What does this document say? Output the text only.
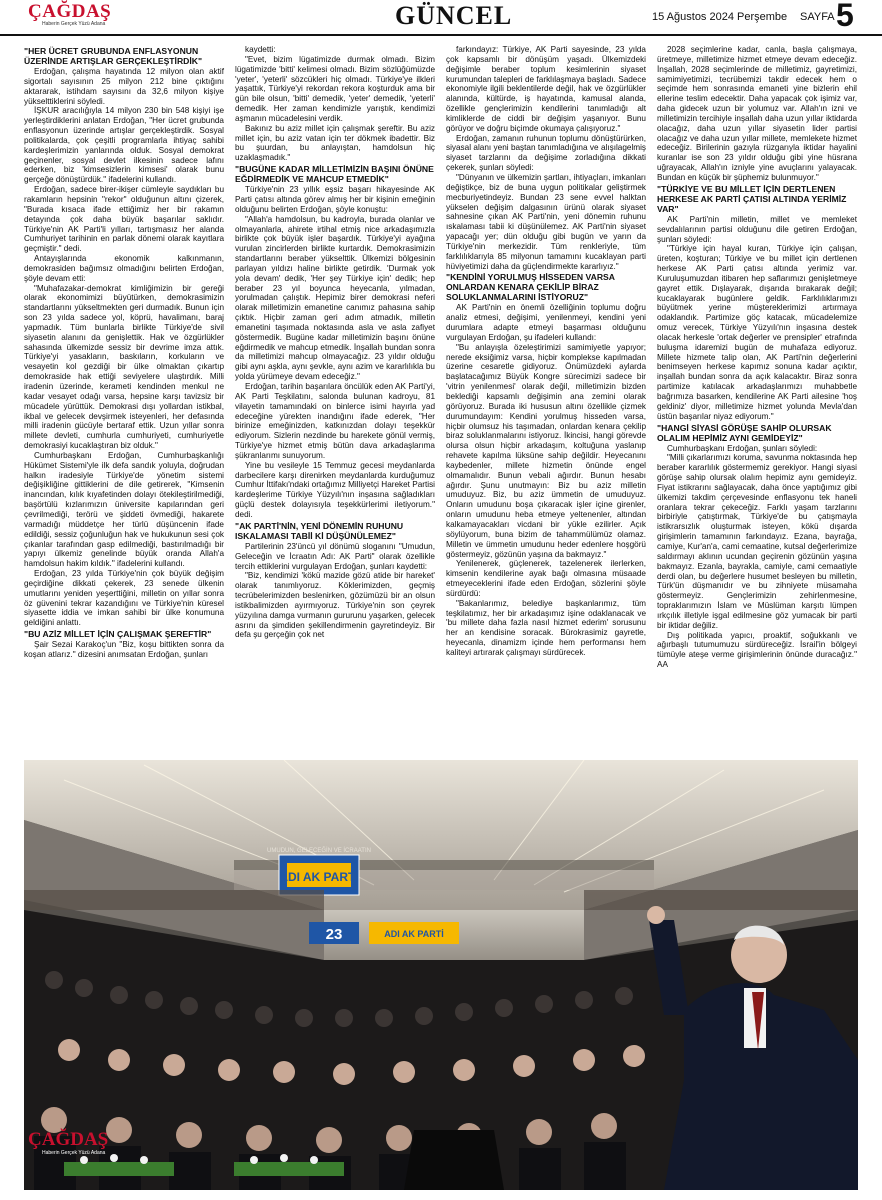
ÇAĞDAŞ
Haberin Gerçek Yüzü Adana	GÜNCEL	15 Ağustos 2024 Perşembe SAYFA 5
"HER ÜCRET GRUBUNDA ENFLASYONUN ÜZERİNDE ARTIŞLAR GERÇEKLEŞTİRDİK"

Erdoğan, çalışma hayatında 12 milyon olan aktif sigortalı sayısının 25 milyon 212 bine çıktığını aktararak, istihdam sayısını da 32,6 milyon kişiye yükselttiklerini söyledi.

İŞKUR aracılığıyla 14 milyon 230 bin 548 kişiyi işe yerleştirdiklerini anlatan Erdoğan, "Her ücret grubunda enflasyonun üzerinde artışlar gerçekleştirdik. Sosyal politikalarda, çok çeşitli programlarla ihtiyaç sahibi kardeşlerimizin yanlarında olduk. Sosyal demokrat geçinenler, sosyal devlet ilkesinin sadece lafını ederken, biz 'kimsesizlerin kimsesi' olarak bunu gerçeğe dönüştürdük." ifadelerini kullandı.

Erdoğan, sadece birer-ikişer cümleyle saydıkları bu rakamların hepsinin "rekor" olduğunun altını çizerek, "Burada kısaca ifade ettiğimiz her bir rakamın detayında çok daha büyük başarılar saklıdır. Türkiye'nin AK Parti'li yılları, tartışmasız her alanda Cumhuriyet tarihinin en parlak dönemi olarak kayıtlara geçmiştir." dedi.

Antayışlarında ekonomik kalkınmanın, demokrasiden bağımsız olmadığını belirten Erdoğan, şöyle devam etti:

"Muhafazakar-demokrat kimliğimizin bir gereği olarak ekonomimizi büyütürken, demokrasimizin standartlarını yükseltmekten geri durmadık. Bunun için son 23 yılda sadece yol, köprü, havalimanı, baraj yapmadık. Tüm bunlarla birlikte Türkiye'de sivil siyasetin alanını da genişlettik. Hak ve özgürlükler sahasında ülkemizde sessiz bir devrime imza attık. Türkiye'yi yasakların, baskıların, korkuların ve vesayetin kol gezdiği bir ülke olmaktan çıkartıp demokraside hak ettiği seviyelere ulaştırdık. Milli iradenin üzerinde, kerameti kendinden menkul ne kadar vesayet odağı varsa, hepsine karşı tavizsiz bir mücadele yürüttük. Demokrasi dışı yollardan istikbal, ikbal ve gelecek devşirmek isteyenleri, her defasında milli iradenin gücüyle bertaraf ettik. Uzun yıllar sonra millete devleti, cumhurla cumhuriyeti, cumhuriyetle demokrasiyi kucaklaştıran biz olduk."

Cumhurbaşkanı Erdoğan, Cumhurbaşkanlığı Hükümet Sistemi'yle ilk defa sandık yoluyla, doğrudan halkın iradesiyle Türkiye'de yönetim sistemi değişikliğine gittiklerini de dile getirerek, "Kimsenin inancından, kılık kıyafetinden dolayı ötekileştirilmediği, başörtülü kızlarımızın üniversite kapılarından geri çevrilmediği, terörü ve şiddeti övmediği, hakarete varmadığı müddetçe her türlü düşüncenin ifade edildiği, sessiz çoğunluğun hak ve hukukunun sesi çok çıkanlar tarafından gasp edilmediği, bastırılmadığı bir yapıyı ülkemiz genelinde büyük oranda Allah'a hamdolsun hakim kıldık." ifadelerini kullandı.

Erdoğan, 23 yılda Türkiye'nin çok büyük değişim geçirdiğine dikkati çekerek, 23 senede ülkenin umutlarını yeniden yeşerttiğini, milletin on yıllar sonra öz güvenini tekrar kazandığını ve Türkiye'nin küresel siyasette iddia ve imkan sahibi bir ülke konumuna geldiğini anlattı.

"BU AZİZ MİLLET İÇİN ÇALIŞMAK ŞEREFTİR"

Şair Sezai Karakoç'un "Biz, koşu bittikten sonra da koşan atlarız." dizesini anımsatan Erdoğan, şunları

kaydetti:

"Evet, bizim lügatimizde durmak olmadı. Bizim lügatimizde 'bitti' kelimesi olmadı. Bizim sözlüğümüzde 'yeter', 'yeterli' sözcükleri hiç olmadı. Türkiye'ye ilkleri yaşattık, Türkiye'yi rekordan rekora koşturduk ama bir gün bile olsun, 'bitti' demedik, 'yeter' demedik, 'yeterli' demedik. Her zaman kendimizle yarıştık, kendimizi aşmanın mücadelesini verdik.

Bakınız bu aziz millet için çalışmak şereftir. Bu aziz millet için, bu aziz vatan için ter dökmek ibadettir. Biz bu şuurdan, bu anlayıştan, hamdolsun hiç uzaklaşmadık."

"BUGÜNE KADAR MİLLETİMİZİN BAŞINI ÖNÜNE EĞDİRMEDİK VE MAHCUP ETMEDİK"

Türkiye'nin 23 yıllık eşsiz başarı hikayesinde AK Parti çatısı altında görev almış her bir kişinin emeğinin olduğunu belirten Erdoğan, şöyle konuştu:

"Allah'a hamdolsun, bu kadroyla, burada olanlar ve olmayanlarla, ahirete irtihal etmiş nice arkadaşımızla birlikte çok büyük işler başardık. Türkiye'yi ayağına vurulan zincirlerden birlikte kurtardık. Demokrasimizin standartlarını beraber yükselttik. Ülkemizi bölgesinin parlayan yıldızı haline birlikte getirdik. 'Durmak yok yola devam' dedik, 'Her şey Türkiye için' dedik; hep beraber 23 yıl boyunca heyecanla, yılmadan, yorulmadan çalıştık. Hepimiz birer demokrasi neferi olarak milletimizin emanetine canımız pahasına sahip çıktık. Hiçbir zaman geri adım atmadık, milletin emanetini taşımada noktasında asla ve asla zafiyet göstermedik. Bugüne kadar milletimizin başını önüne eğdirmedik ve mahcup etmedik. İnşallah bundan sonra da milletimizi mahcup olmayacağız. 23 yıldır olduğu gibi aynı aşkla, aynı şevkle, aynı azim ve kararlılıkla bu yolda yürümeye devam edeceğiz."

Erdoğan, tarihin başarılara öncülük eden AK Parti'yi, AK Parti Teşkilatını, salonda bulunan kadroyu, 81 vilayetin tamamındaki on binlerce isimi hayırla yad edeceğine yürekten inandığını ifade ederek, "Her birinize emeğinizden, katkınızdan dolayı teşekkür ediyorum. Sizlerin nezdinde bu harekete gönül vermiş, Türkiye'ye hizmet etmiş bütün dava arkadaşlarıma şükranlarımı sunuyorum.

Yine bu vesileyle 15 Temmuz gecesi meydanlarda darbecilere karşı direnirken meydanlarda kurduğumuz Cumhur İttifakı'ndaki ortağımız Milliyetçi Hareket Partisi kardeşlerime Türkiye Yüzyılı'nın inşasına sağladıkları güçlü destek dolayısıyla teşekkürlerimi iletiyorum." dedi.

"AK PARTİ'NİN, YENİ DÖNEMİN RUHUNU ISKALAMASI TABİİ Kİ DÜŞÜNÜLEMEZ"

Partilerinin 23'üncü yıl dönümü sloganını "Umudun, Geleceğin ve İcraatın Adı: AK Parti" olarak özellikle tercih ettiklerini vurgulayan Erdoğan, şunları kaydetti:

"Biz, kendimizi 'kökü mazide gözü atide bir hareket' olarak tanımlıyoruz. Köklerimizden, geçmiş tecrübelerimizden beslenirken, gözümüzü bir an olsun istikbalimizden ayırmıyoruz. Türkiye'nin son çeyrek yüzyılına damga vurmanın gururunu yaşarken, gelecek asrını da şimdiden şekillendirmenin gayretindeyiz. Bir defa şu gerçeğin çok net

farkındayız: Türkiye, AK Parti sayesinde, 23 yılda çok kapsamlı bir dönüşüm yaşadı. Ülkemizdeki değişimle beraber toplum kesimlerinin siyaset kurumundan talepleri de farklılaşmaya başladı. Sadece ekonomiyle ilgili beklentilerde değil, hak ve özgürlükler alanında, kültürde, iş hayatında, kamusal alanda, özellikle gençlerimizin kendilerini tanımladığı alt kimliklerde de ciddi bir değişim yaşanıyor. Bunu görüyor ve doğru biçimde okumaya çalışıyoruz."

Erdoğan, zamanın ruhunun toplumu dönüştürürken, siyasal alanı yeni baştan tanımladığına ve alışılagelmiş siyaset tarzlarını da değişime zorladığına dikkati çekerek, şunları söyledi:

"Dünyanın ve ülkemizin şartları, ihtiyaçları, imkanları değiştikçe, biz de buna uygun politikalar geliştirmek mecburiyetindeyiz. Bundan 23 sene evvel halktan yükselen değişim dalgasının ürünü olarak siyaset sahnesine çıkan AK Parti'nin, yeni dönemin ruhunu ıskalaması tabii ki düşünülemez. AK Parti'nin siyaset yapacağı yer; dün olduğu gibi bugün ve yarın da Türkiye'nin merkezidir. Tüm renkleriyle, tüm farklılıklarıyla 85 milyonun tamamını kucaklayan parti hüviyetimizi daha da güçlendirmekte kararlıyız."

"KENDİNİ YORULMUŞ HİSSEDEN VARSA ONLARDAN KENARA ÇEKİLİP BİRAZ SOLUKLANMALARINI İSTİYORUZ"

AK Parti'nin en önemli özelliğinin toplumu doğru analiz etmesi, değişimi, yenilenmeyi, kendini yeni durumlara adapte etmeyi başarması olduğunu vurgulayan Erdoğan, şu ifadeleri kullandı:

"Bu anlayışla özeleştirimizi samimiyetle yapıyor; nerede eksiğimiz varsa, hiçbir komplekse kapılmadan üzerine cesaretle gidiyoruz. Önümüzdeki aylarda başlatacağımız Büyük Kongre sürecimizi sadece bir 'vitrin yenilenmesi' olarak değil, milletimizin bizden beklediği kapsamlı değişimin ana zemini olarak görüyoruz. Burada iki hususun altını özellikle çizmek durumundayım: Kendini yorulmuş hisseden varsa, hiçbir olumsuz his taşımadan, onlardan kenara çekilip biraz soluklanmalarını istiyoruz. İkincisi, hangi görevde olursa olsun hiçbir arkadaşım, koltuğuna yaslanıp rehavete kapılma lüksüne sahip değildir. Heyecanını kaybedenler, millete hizmetin önünde engel olmamalıdır. Bunun vebali ağırdır. Bunun hesabı ağırdır. Şunu unutmayın: Biz bu aziz milletin umuduyuz. Biz, bu aziz ümmetin de umuduyuz. Onların umudunu boşa çıkaracak işler içine girenler, onların umudunu heba etmeye yeltenenler, altından kalkamayacakları vicdani bir yükle ezilirler. Açık söylüyorum, buna bizim de tahammülümüz olamaz. Milletin ve ümmetin umudunu heder edenlere hoşgörü göstermeyiz, gözünün yaşına da bakmayız."

Yenilenerek, güçlenerek, tazelenerek ilerlerken, kimsenin kendilerine ayak bağı olmasına müsaade etmeyeceklerini ifade eden Erdoğan, sözlerini şöyle sürdürdü:

"Bakanlarımız, belediye başkanlarımız, tüm teşkilatımız, her bir arkadaşımız işine odaklanacak ve 'bu millete daha fazla nasıl hizmet ederim' sorusunu her an kendisine soracak. Bürokrasimiz gayretle, heyecanla, dinamizm içinde hem performansı hem kaliteyi artırarak çalışmayı sürdürecek.

2028 seçimlerine kadar, canla, başla çalışmaya, üretmeye, milletimize hizmet etmeye devam edeceğiz. İnşallah, 2028 seçimlerinde de milletimiz, gayretimizi, samimiyetimizi, tecrübemizi takdir edecek hem o seçimde hem sonrasında emaneti yine bizlerin ehil ellerine teslim edecektir. Daha yapacak çok işimiz var, daha gidecek uzun bir yolumuz var. Allah'ın izni ve milletimizin tercihiyle inşallah daha uzun yıllar iktidarda olacağız, daha uzun yıllar siyasetin lider partisi olacağız ve daha uzun yıllar millete, memlekete hizmet edeceğiz. Birilerinin gazıyla rüzgarıyla iktidar hayalini kuranlar ise son 23 yıldır olduğu gibi yine hüsrana uğrayacak, Allah'ın izniyle yine avuçlarını yalayacak. Bundan en küçük bir şüphemiz bulunmuyor."

"TÜRKİYE VE BU MİLLET İÇİN DERTLENEN HERKESE AK PARTİ ÇATISI ALTINDA YERİMİZ VAR"

AK Parti'nin milletin, millet ve memleket sevdalılarının partisi olduğunu dile getiren Erdoğan, şunları söyledi:

"Türkiye için hayal kuran, Türkiye için çalışan, üreten, koşturan; Türkiye ve bu millet için dertlenen herkese AK Parti çatısı altında yerimiz var. Kuruluşumuzdan itibaren hep saflarımızı genişletmeye gayret ettik. Dışlayarak, dışarıda bırakarak değil; kucaklayarak bugünlere geldik. Farklılıklarımızı büyütmek yerine müştereklerimizi artırmaya odaklandık. Partimize göç katacak, mücadelemize omuz verecek, Türkiye Yüzyılı'nın inşasına destek olacak herkesle 'ortak değerler ve prensipler' etrafında buluşma idaremizi bugün de muhafaza ediyoruz. Millete hizmete talip olan, AK Parti'nin değerlerini benimseyen herkese kapımız sonuna kadar açıktır, inşallah bundan sonra da açık kalacaktır. Biraz sonra partimize katılacak arkadaşlarımızı muhabbetle bağrımıza basarken, kendilerine AK Parti ailesine 'hoş geldiniz' diyor, milletimize hizmet yolunda Mevla'dan üstün başarılar niyaz ediyorum."

"HANGİ SİYASİ GÖRÜŞE SAHİP OLURSAK OLALIM HEPİMİZ AYNI GEMİDEYİZ"

Cumhurbaşkanı Erdoğan, şunları söyledi:

"Milli çıkarlarımızı koruma, savunma noktasında hep beraber kararlılık göstermemiz gerekiyor. Hangi siyasi görüşe sahip olursak olalım hepimiz aynı gemideyiz. Fiyat istikrarını sağlayacak, daha önce yaptığımız gibi ülkemizi takdim çerçevesinde enflasyonu tek haneli oranlara tekrar çekeceğiz. Farklı yaşam tarzlarını birbiriyle çatıştırmak, Türkiye'de bu çatışmayla istikrarsızlık oluşturmak isteyen, kökü dışarda girişimlerin tamamının farkındayız. Ezana, bayrağa, camiye, Kur'an'a, cami cemaatine, kutsal değerlerimize saldırmayı aklının ucundan geçirenin gözünün yaşına bakmayız. Ezanla, bayrakla, camiyle, cami cemaatiyle derdi olan, bu değerlere husumet besleyen bu milletin, Türk'ün düşmanıdır ve bu zihniyete müsamaha göstermeyiz. Gençlerimizin zehirlenmesine, topraklarımızın İslam ve Müslüman karşıtı lümpen ırkçılık illetiyle işgal edilmesine göz yumacak bir parti bir iktidar değiliz.

Dış politikada yapıcı, proaktif, soğukkanlı ve ağırbaşlı tutumumuzu sürdüreceğiz. İsrail'in bölgeyi tümüyle ateşe verme girişimlerinin önünde duracağız." AA

ADI AK PARTİ
23	ADI AK PARTİ
UMUDUN, GELECEĞİN VE İCRAATIN
ÇAĞDAŞ
Haberin Gerçek Yüzü Adana
